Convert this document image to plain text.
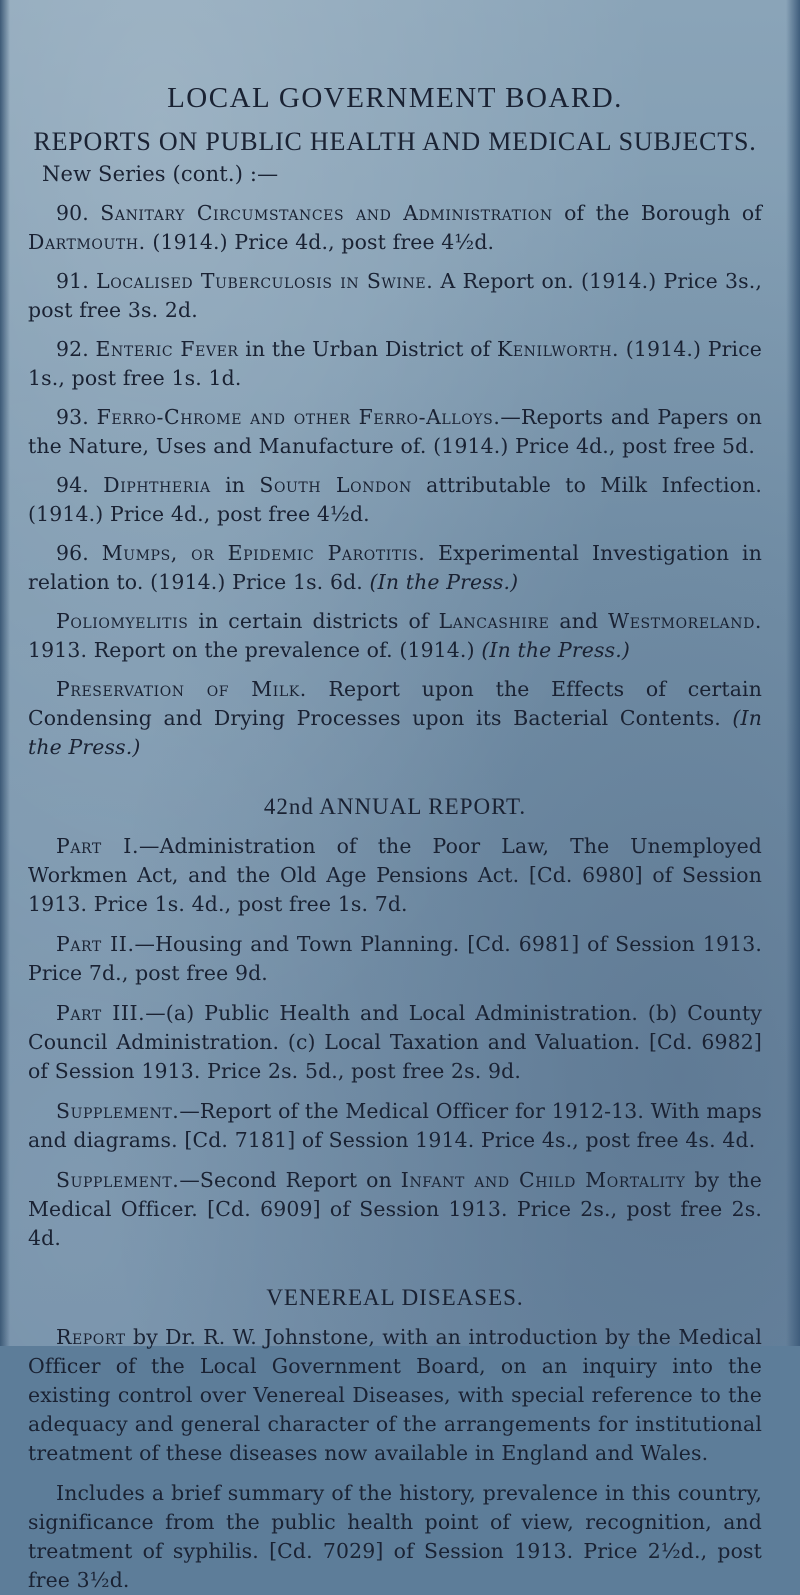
LOCAL GOVERNMENT BOARD.
REPORTS ON PUBLIC HEALTH AND MEDICAL SUBJECTS.
New Series (cont.) :—

90. Sanitary Circumstances and Administration of the Borough of Dartmouth. (1914.) Price 4d., post free 4½d.

91. Localised Tuberculosis in Swine. A Report on. (1914.) Price 3s., post free 3s. 2d.

92. Enteric Fever in the Urban District of Kenilworth. (1914.) Price 1s., post free 1s. 1d.

93. Ferro-Chrome and other Ferro-Alloys.—Reports and Papers on the Nature, Uses and Manufacture of. (1914.) Price 4d., post free 5d.

94. Diphtheria in South London attributable to Milk Infection. (1914.) Price 4d., post free 4½d.

96. Mumps, or Epidemic Parotitis. Experimental Investigation in relation to. (1914.) Price 1s. 6d. (In the Press.)

Poliomyelitis in certain districts of Lancashire and Westmoreland. 1913. Report on the prevalence of. (1914.) (In the Press.)

Preservation of Milk. Report upon the Effects of certain Condensing and Drying Processes upon its Bacterial Contents. (In the Press.)

42nd ANNUAL REPORT.

Part I.—Administration of the Poor Law, The Unemployed Workmen Act, and the Old Age Pensions Act. [Cd. 6980] of Session 1913. Price 1s. 4d., post free 1s. 7d.

Part II.—Housing and Town Planning. [Cd. 6981] of Session 1913. Price 7d., post free 9d.

Part III.—(a) Public Health and Local Administration. (b) County Council Administration. (c) Local Taxation and Valuation. [Cd. 6982] of Session 1913. Price 2s. 5d., post free 2s. 9d.

Supplement.—Report of the Medical Officer for 1912-13. With maps and diagrams. [Cd. 7181] of Session 1914. Price 4s., post free 4s. 4d.

Supplement.—Second Report on Infant and Child Mortality by the Medical Officer. [Cd. 6909] of Session 1913. Price 2s., post free 2s. 4d.

VENEREAL DISEASES.

Report by Dr. R. W. Johnstone, with an introduction by the Medical Officer of the Local Government Board, on an inquiry into the existing control over Venereal Diseases, with special reference to the adequacy and general character of the arrangements for institutional treatment of these diseases now available in England and Wales.

Includes a brief summary of the history, prevalence in this country, significance from the public health point of view, recognition, and treatment of syphilis. [Cd. 7029] of Session 1913. Price 2½d., post free 3½d.
